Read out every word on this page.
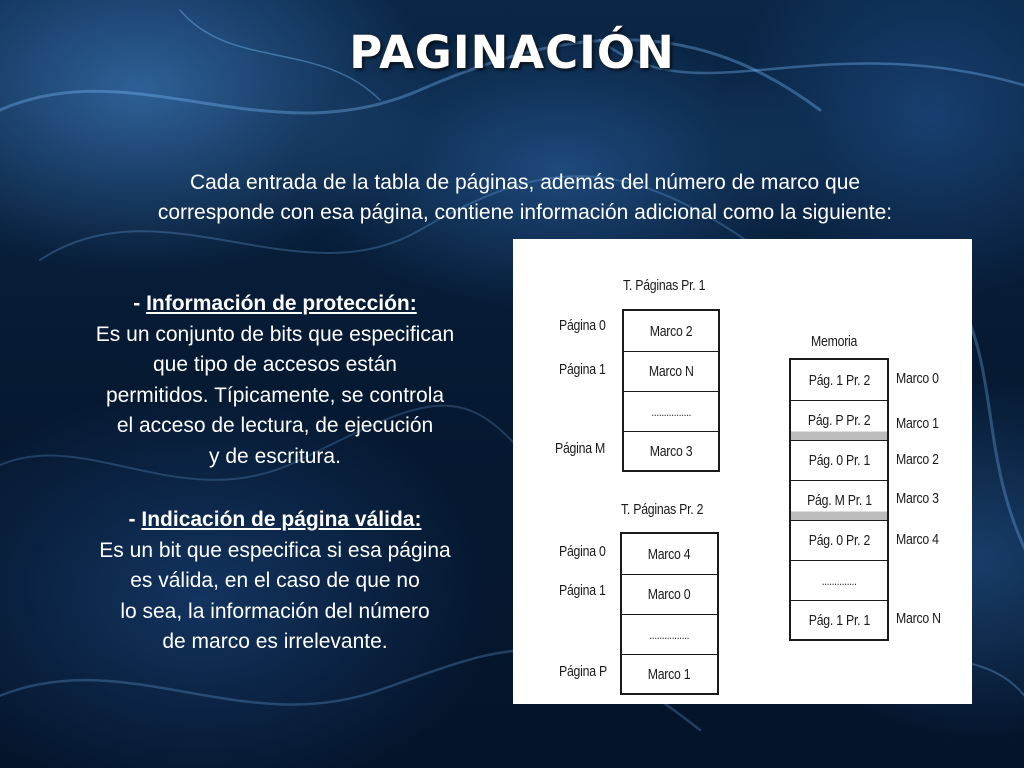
PAGINACIÓN
Cada entrada de la tabla de páginas, además del número de marco que
corresponde con esa página, contiene información adicional como la siguiente:
- Información de protección:
Es un conjunto de bits que especifican
que tipo de accesos están
permitidos. Típicamente, se controla
el acceso de lectura, de ejecución
y de escritura.
- Indicación de página válida:
Es un bit que especifica si esa página
es válida, en el caso de que no
lo sea, la información del número
de marco es irrelevante.
T. Páginas Pr. 1
Página 0
Página 1
Página M
Marco 2
Marco N
................
Marco 3
T. Páginas Pr. 2
Página 0
Página 1
Página P
Marco 4
Marco 0
................
Marco 1
Memoria
Pág. 1 Pr. 2
Pág. P Pr. 2
Pág. 0 Pr. 1
Pág. M Pr. 1
Pág. 0 Pr. 2
..............
Pág. 1 Pr. 1
Marco 0
Marco 1
Marco 2
Marco 3
Marco 4
Marco N
